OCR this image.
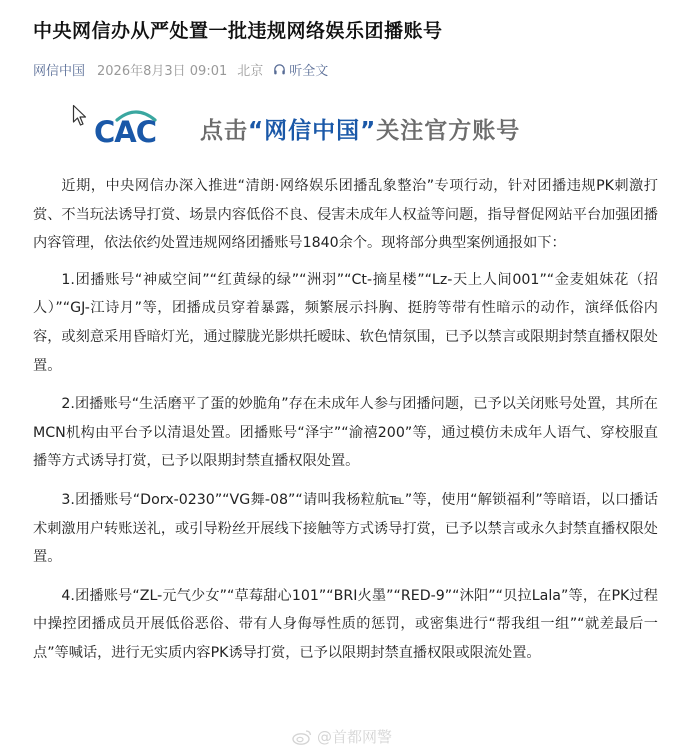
中央网信办从严处置一批违规网络娱乐团播账号
网信中国 2026年8月3日 09:01 北京 听全文
CAC 点击“网信中国”关注官方账号

近期，中央网信办深入推进“清朗·网络娱乐团播乱象整治”专项行动，针对团播违规PK刺激打赏、不当玩法诱导打赏、场景内容低俗不良、侵害未成年人权益等问题，指导督促网站平台加强团播内容管理，依法依约处置违规网络团播账号1840余个。现将部分典型案例通报如下：

1.团播账号“神威空间”“红黄绿的绿”“洲羽”“Ct-摘星楼”“Lz-天上人间001”“金麦姐妹花（招人）”“GJ-江诗月”等，团播成员穿着暴露，频繁展示抖胸、挺胯等带有性暗示的动作，演绎低俗内容，或刻意采用昏暗灯光，通过朦胧光影烘托暧昧、软色情氛围，已予以禁言或限期封禁直播权限处置。

2.团播账号“生活磨平了蛋的妙脆角”存在未成年人参与团播问题，已予以关闭账号处置，其所在MCN机构由平台予以清退处置。团播账号“泽宇”“渝禧200”等，通过模仿未成年人语气、穿校服直播等方式诱导打赏，已予以限期封禁直播权限处置。

3.团播账号“Dorx-0230”“VG舞-08”“请叫我杨粒航℡”等，使用“解锁福利”等暗语，以口播话术刺激用户转账送礼，或引导粉丝开展线下接触等方式诱导打赏，已予以禁言或永久封禁直播权限处置。

4.团播账号“ZL-元气少女”“草莓甜心101”“BRI火墨”“RED-9”“沐阳”“贝拉Lala”等，在PK过程中操控团播成员开展低俗恶俗、带有人身侮辱性质的惩罚，或密集进行“帮我组一组”“就差最后一点”等喊话，进行无实质内容PK诱导打赏，已予以限期封禁直播权限或限流处置。

@首都网警
